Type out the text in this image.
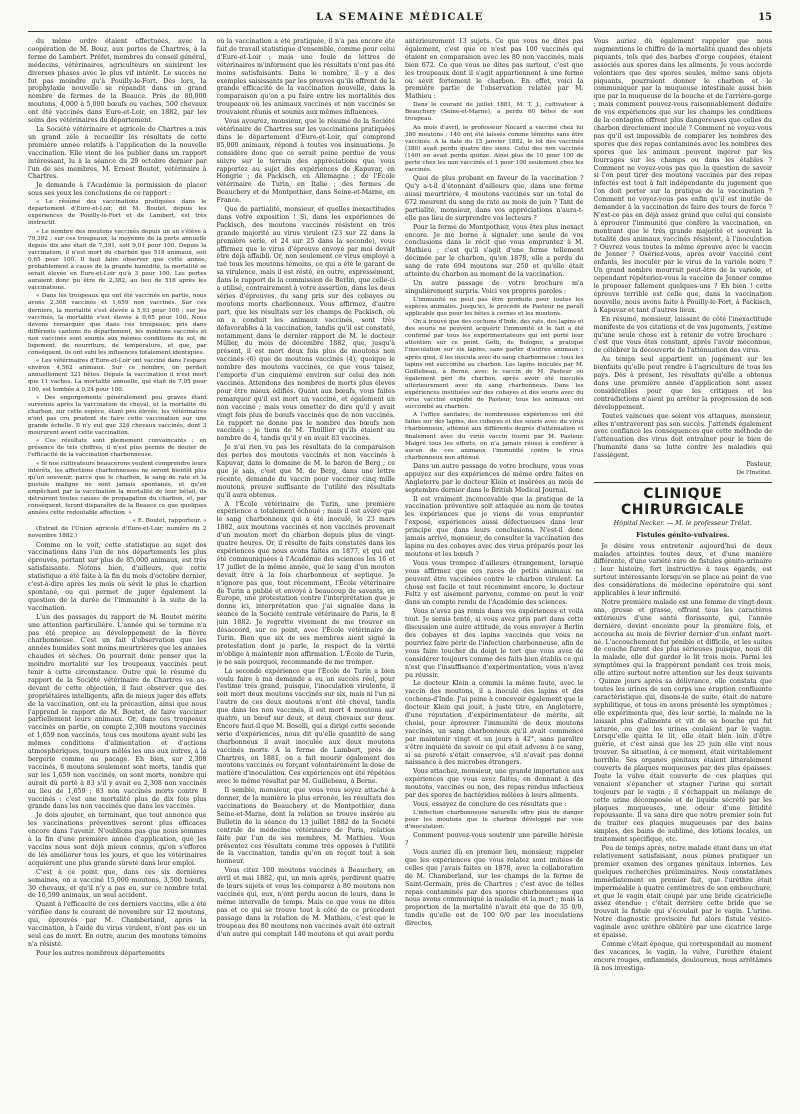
LA SEMAINE MÉDICALE	15

du même ordre étaient effectuées, avec la coopération de M. Bouz, aux portes de Chartres, à la ferme de Lambert. Préfet, membres du conseil général, médecins, vétérinaires, agriculteurs en suivirent les diverses phases avec le plus vif intérêt. Le succès ne fut pas moindre qu'à Pouilly-le-Fort. Dès lors, la prophylaxie nouvelle se répandit dans un grand nombre de fermes de la Beauce. Près de 80,000 moutons, 4,000 à 5,000 bœufs ou vaches, 500 chevaux ont été vaccinés dans Eure-et-Loir, en 1882, par les soins des vétérinaires du département.

La Société vétérinaire et agricole de Chartres a mis un grand zèle à recueillir les résultats de cette première année relatifs à l'application de la nouvelle vaccination. Elle vient de les publier dans un rapport intéressant, lu à la séance du 29 octobre dernier par l'un de ses membres, M. Ernest Boutet, vétérinaire à Chartres.

Je demande à l'Académie la permission de placer sous ses yeux les conclusions de ce rapport :

« Le résumé des vaccinations pratiquées dans le département d'Eure-et-Loir, dit M. Boutet, depuis les expériences de Pouilly-le-Fort et de Lambert, est très instructif.

« Le nombre des moutons vaccinés depuis un an s'élève à 79,392 ; sur ces troupeaux, la moyenne de la perte annuelle depuis dix ans était de 7,391, soit 9,01 pour 100. Depuis la vaccination, il n'est mort du charbon que 518 animaux, soit 0,65 pour 100. Il faut faire observer que cette année, probablement à cause de la grande humidité, la mortalité se serait élevée en Eure-et-Loir qu'à 3 pour 100. Les pertes auraient donc pu être de 2,382, au lieu de 518 après les vaccinations.

« Dans les troupeaux qui ont été vaccinés en partie, nous avons 2,308 vaccinés et 1,659 non vaccinés. Sur ces derniers, la mortalité s'est élevée à 5,93 pour 100 ; sur les vaccinés, la mortalité s'est élevée à 0,65 pour 100. Nous devons remarquer que dans ces troupeaux, pris dans différents cantons du département, les moutons vaccinés et non vaccinés sont soumis aux mêmes conditions de sol, de logement, de nourriture, de température, et que, par conséquent, ils ont subi les influences totalement identiques.

« Les vétérinaires d'Eure-et-Loir ont vacciné dans l'espace environ 4,562 animaux. Sur ce nombre, on perdait annuellement 321 bêtes. Depuis la vaccination il n'est mort que 11 vaches. La mortalité annuelle, qui était de 7,05 pour 100, est tombée à 0,24 pour 100.

« Des engorgements généralement peu graves étant survenus après la vaccination de cheval, et la mortalité du charbon, sur cette espèce, étant peu élevée, les vétérinaires n'ont pas cru prudent de faire cette vaccination sur une grande échelle. Il n'y eut que 324 chevaux vaccinés, dont 3 moururent avant cette vaccination.

« Ces résultats sont pleinement convaincants ; en présence de tels chiffres, il n'est plus permis de douter de l'efficacité de la vaccination charbonneuse.

« Si nos cultivateurs beaucerons veulent comprendre leurs intérêts, les affections charbonneuses ne seront bientôt plus qu'un souvenir, parce que le charbon, le sang de rate et la pustule maligne ne sont jamais spontanés, et qu'en empêchant par la vaccination la mortalité de leur bétail, ils détruiront toutes causes de propagation du charbon, et, par conséquent, feront disparaître de la Beauce ce que quelques années cette redoutable affection. »

« E. Boutet, rapporteur. »

(Extrait de l'Union agricole d'Eure-et-Loir, numéro du 2 novembre 1882.)

Comme on le voit, cette statistique au sujet des vaccinations dans l'un de nos départements les plus éprouvés, portant sur plus de 85,000 animaux, est très satisfaisante. Notons bien, d'ailleurs, que cette statistique a été faite à la fin du mois d'octobre dernier, c'est-à-dire après les mois où sévit le plus le charbon spontané, ou qui permet de juger également la question de la durée de l'immunité à la suite de la vaccination.

L'un des passages du rapport de M. Boutet mérite une attention particulière. L'année qui se termine n'a pas été propice au développement de la fièvre charbonneuse. C'est un fait d'observation que les années humides sont moins meurtrières que les années chaudes et sèches. On pourrait donc penser que la moindre mortalité sur les troupeaux vaccinés peut tenir à cette circonstance. Outre que le résumé du rapport de la Société vétérinaire de Chartres va au-devant de cette objection, il faut observer que des propriétaires intelligents, afin de mieux juger des effets de la vaccination, ont eu la précaution, ainsi que nous l'apprend le rapport de M. Boutet, de faire vacciner partiellement leurs animaux. Or, dans ces troupeaux vaccinés en partie, on compte 2,308 moutons vaccinés et 1,659 non vaccinés, tous ces moutons ayant subi les mêmes conditions d'alimentation et d'actions atmosphériques, toujours mêlés les uns aux autres, à la bergerie comme au pacage. Eh bien, sur 2,308 vaccinés, 8 moutons seulement sont morts, tandis que sur les 1,659 non vaccinés, on sont morts, nombre qui aurait dû porté à 83 s'il y avait eu 2,308 non vaccinés au lieu de 1,659 ; 83 non vaccinés morts contre 8 vaccinés : c'est une mortalité plus de dix fois plus grande dans les non vaccinés que dans les vaccinés.

Je dois ajouter, en terminant, que tout annonce que les vaccinations préventives seront plus efficaces encore dans l'avenir. N'oublions pas que nous sommes à la fin d'une première année d'application, que les vaccins nous sont déjà mieux connus, qu'on s'efforce de les améliorer tous les jours, et que les vétérinaires acquièrent une plus grande sûreté dans leur emploi.

C'est à ce point que, dans ces six dernières semaines, on a vacciné 15,000 moutons, 3,500 bœufs, 30 chevaux, et qu'il n'y a pas eu, sur ce nombre total de 16,599 animaux, un seul accident.

Quant à l'efficacité de ces derniers vaccins, elle a été vérifiée dans le courant de novembre sur 12 moutons, qui, éprouvés par M. Chamberland, après la vaccination, à l'aide du virus virulent, n'ont pas eu un seul cas de mort. En outre, aucun des moutons témoins n'a résisté.

Pour les autres nombreux départements

où la vaccination a été pratiquée, il n'a pas encore été fait de travail statistique d'ensemble, comme pour celui d'Eure-et-Loir ; mais une foule de lettres de vétérinaires m'informent que les résultats n'ont pas été moins satisfaisants. Dans le nombre, il y a des exemples saisissants par les preuves qu'ils offrent de la grande efficacité de la vaccination nouvelle, dans la comparaison qu'on a pu faire entre les mortalités des troupeaux où les animaux vaccinés et non vaccinés se trouvaient réunis et soumis aux mêmes influences.

Vous avourez, monsieur, que le résumé de la Société vétérinaire de Chartres sur les vaccinations pratiquées dans le département d'Eure-et-Loir, qui comprend 85,000 animaux, répond à toutes vos insinuations. Je considère donc que ce serait peine perdue de vous suivre sur le terrain des appréciations que vous rapportez au sujet des expériences de Kapuvar, en Hongrie ; de Packisch, en Allemagne ; de l'École vétérinaire de Turin, en Italie ; des fermes de Beauchery et de Montpothier, dans Seine-et-Marne, en France.

Que de partialité, monsieur, et quelles inexactitudes dans votre exposition ! Si, dans les expériences de Packisch, des moutons vaccinés résistent en très grande majorité au virus virulent (23 sur 22 dans la première série, et 24 sur 25 dans la seconde), vous affirmez que le virus d'épreuve envoyé par moi devait être déjà affaibli. Or, non seulement ce virus employé a tué tous les moutons témoins, ce qui a été le garant de sa virulence, mais il est résté, en outre, expressément, dans le rapport de la commission de Berlin, que celle-ci a utilisé, contrairement à votre assertion, dans les deux séries d'épreuves, du sang pris sur des cobayes ou moutons morts charbonneux. Vous affirmez, d'autre part, que les résultats sur les champs de Packisch, où on a conduit les animaux vaccinés, sont très défavorables à la vaccination, tandis qu'il est constaté, notamment dans le dernier rapport de M. le docteur Müller, du mois de décembre 1882, que, jusqu'à présent, il est mort deux fois plus de moutons non vaccinés (6) que de moutons vaccinés (4), quoique le nombre des moutons vaccinés, ce que vous taisez, l'emporte d'un cinquième environ sur celui des non vaccinés. Attendons des nombres de morts plus élevés pour être mieux édifiés. Quant aux bœufs, vous faites remarquer qu'il est mort un vacciné, et également un non vacciné ; mais vous omettez de dire qu'il y avait vingt fois plus de bœufs vaccinés que de non vaccinés. Le rapport ne donne pas le nombre des bœufs non vaccinés : je tiens de M. Thuillier qu'ils étaient au nombre de 4, tandis qu'il y en avait 83 vaccinés.

Je n'ai rien vu pas les résultats de la comparaison des pertes des moutons vaccinés et non vaccinés à Kapuvar, dans le domaine de M. le baron de Berg ; ce que je sais, c'est que M. de Berg, dans une lettre récente, demande du vaccin pour vacciner cinq mille moutons, preuve suffisante de l'utilité des résultats qu'il aura obtenus.

A l'École vétérinaire de Turin, une première expérience a totalement échoué ; mais il est avéré que le sang charbonneux qui a été inoculé, le 23 mars 1882, aux moutons vaccinés et non vaccinés provenait d'un mouton mort du charbon depuis plus de vingt-quatre heures. Or, il résulte de faits constatés dans les expériences que nous avons faites en 1877, et qui ont été communiquées à l'Académie des sciences les 16 et 17 juillet de la même année, que le sang d'un mouton devait être à la fois charbonneux et septique. Je n'ignore pas que, tout récemment, l'École vétérinaire de Turin a publié et envoyé à beaucoup de savants, en Europe, une protestation contre l'interprétation que je donne ici, interprétation que j'ai signalée dans la séance de la Société centrale vétérinaire de Paris, le 8 juin 1882. Je regrette vivement de me trouver en désaccord, sur ce point, avec l'École vétérinaire de Turin. Bien que six de ses membres aient signé la protestation dont je parle, le respect de la vérité m'oblige à maintenir mon affirmation. L'École de Turin, je ne sais pourquoi, recommande de me tromper.

La seconde expérience que l'École de Turin a bien voulu faire à ma demande a eu un succès réel, pour l'estime très grand, puisque, l'inoculation virulente, il soit mort deux moutons vaccinés sur six, mais ni l'un ni l'autre de ces deux moutons n'ont été cheval, tandis que dans les non vaccinés, il est mort 4 moutons sur quatre, un bœuf sur deux, et deux chevaux sur deux. Encore faut-il que M. Boselli, qui a dirigé cette seconde série d'expériences, nous dit qu'elle quantité de sang charbonneux il avait inoculée aux deux moutons vaccinés morts. A la ferme de Lambert, près de Chartres, en 1881, on a fait mourir également des moutons vaccinés ou forçant volontairement la dose de matière d'inoculation. Ces expériences ont été répétées avec le même résultat par M. Guillebeau, à Berne.

Il semble, monsieur, que vous vous soyez attaché à donner, de la manière la plus erronée, les résultats des vaccinations de Beauchery et de Montpothier, dans Seine-et-Marne, dont la relation se trouve insérée au Bulletin de la séance du 13 juillet 1882 de la Société centrale de médecine vétérinaire de Paris, relation faite par l'un de ses membres, M. Mathieu. Vous présentez ces résultats comme très opposés à l'utilité de la vaccination, tandis qu'on en reçoit tout à son honneur.

Vous citez 100 moutons vaccinés à Beauchery, en avril et mai 1882, qui, un mois après, perdirent quatre de leurs sujets et vous les comparez à 80 moutons non vaccinés qui, eux, n'ont perdu aucun de leurs, dans le même intervalle de temps. Mais ce que vous ne dites pas et ce qui se trouve tout à côté de ce précédent passage dans la relation de M. Mathieu, c'est que le troupeau des 80 moutons non vaccinés avait été extrait d'un autre qui comptait 140 moutons et qui avait perdu

antérieurement 13 sujets. Ce que vous ne dites pas également, c'est que ce n'est pas 100 vaccinés qui étaient en comparaison avec les 80 non vaccinés, mais bien 672. Ce que vous ne dites pas surtout, c'est que les troupeaux dont il s'agit appartiennent à une ferme où sévit fortement le charbon. En effet, voici la première partie de l'observation relatée par M. Mathieu :

Dans le courant de juillet 1881, M. T. J., cultivateur à Beauchery (Seine-et-Marne), a perdu 60 bêtes de son troupeau.

Au mois d'avril, le professeur Nocard a vacciné chez lui 380 moutons ; 140 ont été laissés comme témoins sans être vaccinés. A la date du 15 janvier 1882, le lot des vaccinés (380) avait perdu quatre des siens. Celui des non vaccinés (140) en avait perdu quinze. Ainsi plus de 10 pour 100 de perte chez les non vaccinés et 1 pour 100 seulement chez les vaccinés.

Quoi de plus probant en faveur de la vaccination ? Qu'y a-t-il d'étonnant d'ailleurs que, dans une ferme aussi meurtrière, 4 moutons vaccinés sur un total de 672 meurent du sang de rate au mois de juin ? Tant de partialité, monsieur, dans vos appréciations n'aura-t-elle pas lieu de surprendre vos lecteurs ?

Pour la ferme de Montpothier, vous êtes plus inexact encore. Je me borne à signaler une seule de vos conclusions dans le récit que vous empruntez à M. Mathieu ; c'est qu'il s'agit d'une ferme tellement décimée par le charbon, qu'en 1878, elle a perdu du sang de rate 694 moutons sur 250 et qu'elle était atteinte du charbon au moment de la vaccination.

Un autre passage de votre brochure m'a singulièrement surpris. Voici vos propres paroles :

L'immunité ne peut pas être produite pour toutes les espèces animales. Jusqu'ici, le procédé de Pasteur ne paraît applicable que pour les bêtes à cornes et les moutons.

On a trouvé que des cochons d'Inde, des rats, des lapins et des souris ne peuvent acquérir l'immunité et le fait a été confirmé par tous les expérimentateurs qui ont porté leur attention sur ce point. Gotti, de Bologne, a pratiqué l'inoculation sur six lapins, sans parler d'autres animaux ; après quoi, il les inocula avec du sang charbonneux ; tous les lapins ont succombé au charbon. Les lapins inoculés par M. Guillebeau, à Berne, avec le vaccin de M. Pasteur ou également péri du charbon, après avoir été inoculés ultérieurement avec du sang charbonneux. Dans les expériences instituées sur des cobayes et des souris avec du virus vacciné expédié de Pasteur, tous les animaux ont succombé au charbon.

A l'office sanitaire, de nombreuses expériences ont été faites sur des lapins, des cobayes et des souris avec du virus charbonneux, atténué aux différents degrés d'atténuation et finalement avec du virus vaccin fourni par M. Pasteur. Malgré tous les efforts, on n'a jamais réussi à conférer à aucun de ces animaux l'immunité contre le virus charbonneux non atténué.

Dans un autre passage de votre brochure, vous vous appuyez sur des expériences de même ordre faites en Angleterre par le docteur Klein et insérées au mois de septembre dernier dans le British Medical Journal.

Il est vraiment inconcevable que la pratique de la vaccination préventive soit attaquée au nom de toutes les expériences que je viens de vous emprunter l'exposé, expériences aussi défectueuses dans leur principe que dans leurs conclusions. N'est-il donc jamais arrivé, monsieur, de consulter la vaccination des lapins ou des cobayes avec des virus préparés pour les moutons et les bœufs ?

Vous vous trompez d'ailleurs étrangement, lorsque vous affirmez que ces races de petits animaux ne peuvent être vaccinées contre le charbon virulent. La chose est facile et tout récemment encore, le docteur Feltz y est aisément parvenu, comme on peut le voir dans un compte rendu de l'Académie des sciences.

Vous n'avez pas remis dans vos expériences et voilà tout. Je serais tenté, si vous avez pris part dans cette discussion une autre attitude, de vous envoyer à Berlin des cobayes et des lapins vaccinés que vous ne pourriez faire périr de l'infection charbonneuse, afin de vous faire toucher du doigt le tort que vous avez de considérer toujours comme des faits bien établis ce qui n'est que l'insuffisance d'expérimentation, vous n'avez pu réussir.

Le docteur Klein a commis la même faute, avec le vaccin des moutons, il a inoculé des lapins et des cochons-d'Inde. J'ai peine à concevoir également que le docteur Klein qui jouit, à juste titre, en Angleterre, d'une réputation d'expérimentateur de mérite, ait choisi, pour éprouver l'immunité de deux moutons vaccinés, un sang charbonneux qu'il avait commencé par maintenir vingt et un jours à 42°, sans paraître s'être inquiété de savoir ce qui était advenu à ce sang, si sa pureté s'était conservée, s'il n'avait pas donné naissance à des microbes étrangers.

Vous attachez, monsieur, une grande importance aux expériences que vous avez faites, en donnant à des moutons, vaccinés ou non, des repas rendus infectieux par des spores de bactéridies mêlées à leurs aliments.

Vous, essayez de conclure de ces résultats que :

L'infection charbonneuse naturelle offre plus de danger pour les moutons que le charbon développé par voie d'inoculation.

Comment pouvez-vous soutenir une pareille hérésie ?

Vous auriez dû en premier lieu, monsieur, rappeler que les expériences que vous relatez sont imitées de celles que j'avais faites en 1878, avec la collaboration de M. Chamberland, sur les champs de la ferme de Saint-Germain, près de Chartres ; c'est avec de telles repas contaminés par des spores charbonneuses que nous avons communiqué la maladie et la mort ; mais la proportion de la mortalité n'avait été que de 35 0/0, tandis qu'elle est de 100 0/0 par les inoculations directes.

Vous auriez dû également rappeler que nous augmentions le chiffre de la mortalité quand des objets piquants, tels que des barbes d'orge coupées, étaient associés aux spores dans les aliments. Je vous accorde volontiers que des spores seules, même sans objets piquants, pourraient donner le charbon et le communiquer par la muqueuse intestinale aussi bien que par la muqueuse de la bouche et de l'arrière-gorge ; mais comment pouvez-vous raisonnablement déduire de vos expériences que sur les champs les conditions de la contagion offrent plus dangereuses que celles du charbon directement inoculé ? Comment ne voyez-vous pas qu'il est impossible de comparer les nombres des spores que des repas contaminés avec les nombres des spores que les animaux peuvent ingérer par les fourrages sur les champs ou dans les étables ? Comment ne voyez-vous pas que la question de savoir si l'on peut tirer des moutons vaccinés par des repas infectés est tout à fait indépendante du jugement que l'on doit porter sur la pratique de la vaccination ? Comment ne voyez-vous pas enfin qu'il est inutile de demander à la vaccination de faire des tours de force ? N'est-ce pas en déjà assez grand que celui qui consiste à éprouver l'immunité que confère la vaccination, en montrant que le très grande majorité et souvent la totalité des animaux vaccinés résistent, à l'inoculation ? Ouvrez vous toutes la même épreuve avec le vaccin de Jenner ? Osériez-vous, après avoir vacciné cent enfants, les inoculer par le virus de la variole noire ? Un grand nombre mourrait peut-être de la variole, et cependant répéteriez-vous la vaccine de Jenner comme le proposer fallement quelques-uns ? Eh bien ! cette épreuve terrible est celle que, dans la vaccination nouvelle, nous avons faite à Pouilly-le-Fort, à Packisch, à Kapuvar et tant d'autres lieux.

En résumé, monsieur, laissant de côté l'inexactitude manifeste de vos citations et de vos jugements, j'estime qu'une seule chose est à retenir de votre brochure : c'est que vous êtes constant, après l'avoir méconnue, de célébrer la découverte de l'atténuation des virus.

Au temps seul appartient un jugement sur les bienfaits qu'elle peut rendre à l'agriculture de tous les pays. Dès à présent, les résultats qu'elle a obtenus dans une première année d'application sont assez considérables pour que les critiques et les contradictions n'aient pu arrêter la progression de son développement.

Toutes vaincues que soient vos attaques, monsieur, elles n'entraveront pas son succès. J'attends également avec confiance les conséquences que cette méthode de l'atténuation des virus doit entraîner pour le bien de l'humanité dans sa lutte contre les maladies qui l'assiègent.

Pasteur,
De l'Institut.
CLINIQUE CHIRURGICALE
Hôpital Necker. — M. le professeur Trélat.
Fistules génito-vulvaires.

Je désire vous entretenir aujourd'hui de deux malades atteintes toutes deux, et d'une manière différente, d'une variété rare de fistules génito-urinaire ; leur histoire, fort instructive à tous égards, est surtout intéressante lorsqu'on se place au point de vue des considérations de médecine opératoire qui sont applicables à leur infirmité.

Notre première malade est une femme de vingt-deux ans, grosse et grasse, offrant tous les caractères extérieurs d'une santé florissante, qui, l'année dernière, devint enceinte pour la première fois, et accoucha au mois de février dernier d'un enfant mort-né. L'accouchement fut pénible et difficile, et les suites de couche furent des plus sérieuses puisque, nous dit la malade, elle dut garder le lit trois mois. Parmi les symptômes qui la frappèrent pendant ces trois mois, elle attire surtout notre attention sur les deux suivants : Quinze jours après sa délivrance, elle constata que toutes les urines de son corps une éruption confluente caractéristique qui, disons-le de suite, était de nature syphilitique, et tous en avons présenté les symptômes ; elle expérimenta que, dès leur sortie, la malade ne la laissait plus d'aliments et vit de sa bouche qui fut saturée, ou que les urines coulaient par le vagin. Lorsqu'elle quitta le lit, elle était bien loin d'être guérie, et c'est ainsi que les 25 juin elle vint nous trouver. Sa situation, à ce moment, était véritablement horrible. Ses organes génitaux étaient littéralement couverts de plaques muqueuses par des plus épaisses. Toute la vulve était couverte de ces plaques qui venaient s'épancher et stagner l'urine qui sortait toujours par le vagin ; il s'échappait un mélange de cette urine décomposée et de liquide sécrété par les plaques muqueuses, une odeur d'une fétidité repoussante. Il va sans dire que notre premier soin fut de traiter ces plaques muqueuses par des bains simples, des bains de sublimé, des lotions locales, un traitement spécifique, etc.

Peu de temps après, notre malade étant dans un état relativement satisfaisant, nous pûmes pratiquer un premier examen des organes génitaux internes. Les quelques recherches préliminaires. Nous constatâmes immédiatement en premier fait, que l'urèthre était imperméable à quatre centimètres de son embouchure, et que le vagin était coupé par une bride cicatricielle assez étendue ; c'était derrière cette bride que se trouvait la fistule qui s'écoulait par le vagin. L'urine. Notre diagnostic provisoire fut alors fistule vésico-vaginale avec urèthre oblitéré par une cicatrice large et épaisse.

Comme c'était époque, qui correspondait au moment des vacances, le vagin, la vulve, l'urèthre étaient encore rouges, enflammés, douloureux, nous arrêtâmes là nos investiga-
